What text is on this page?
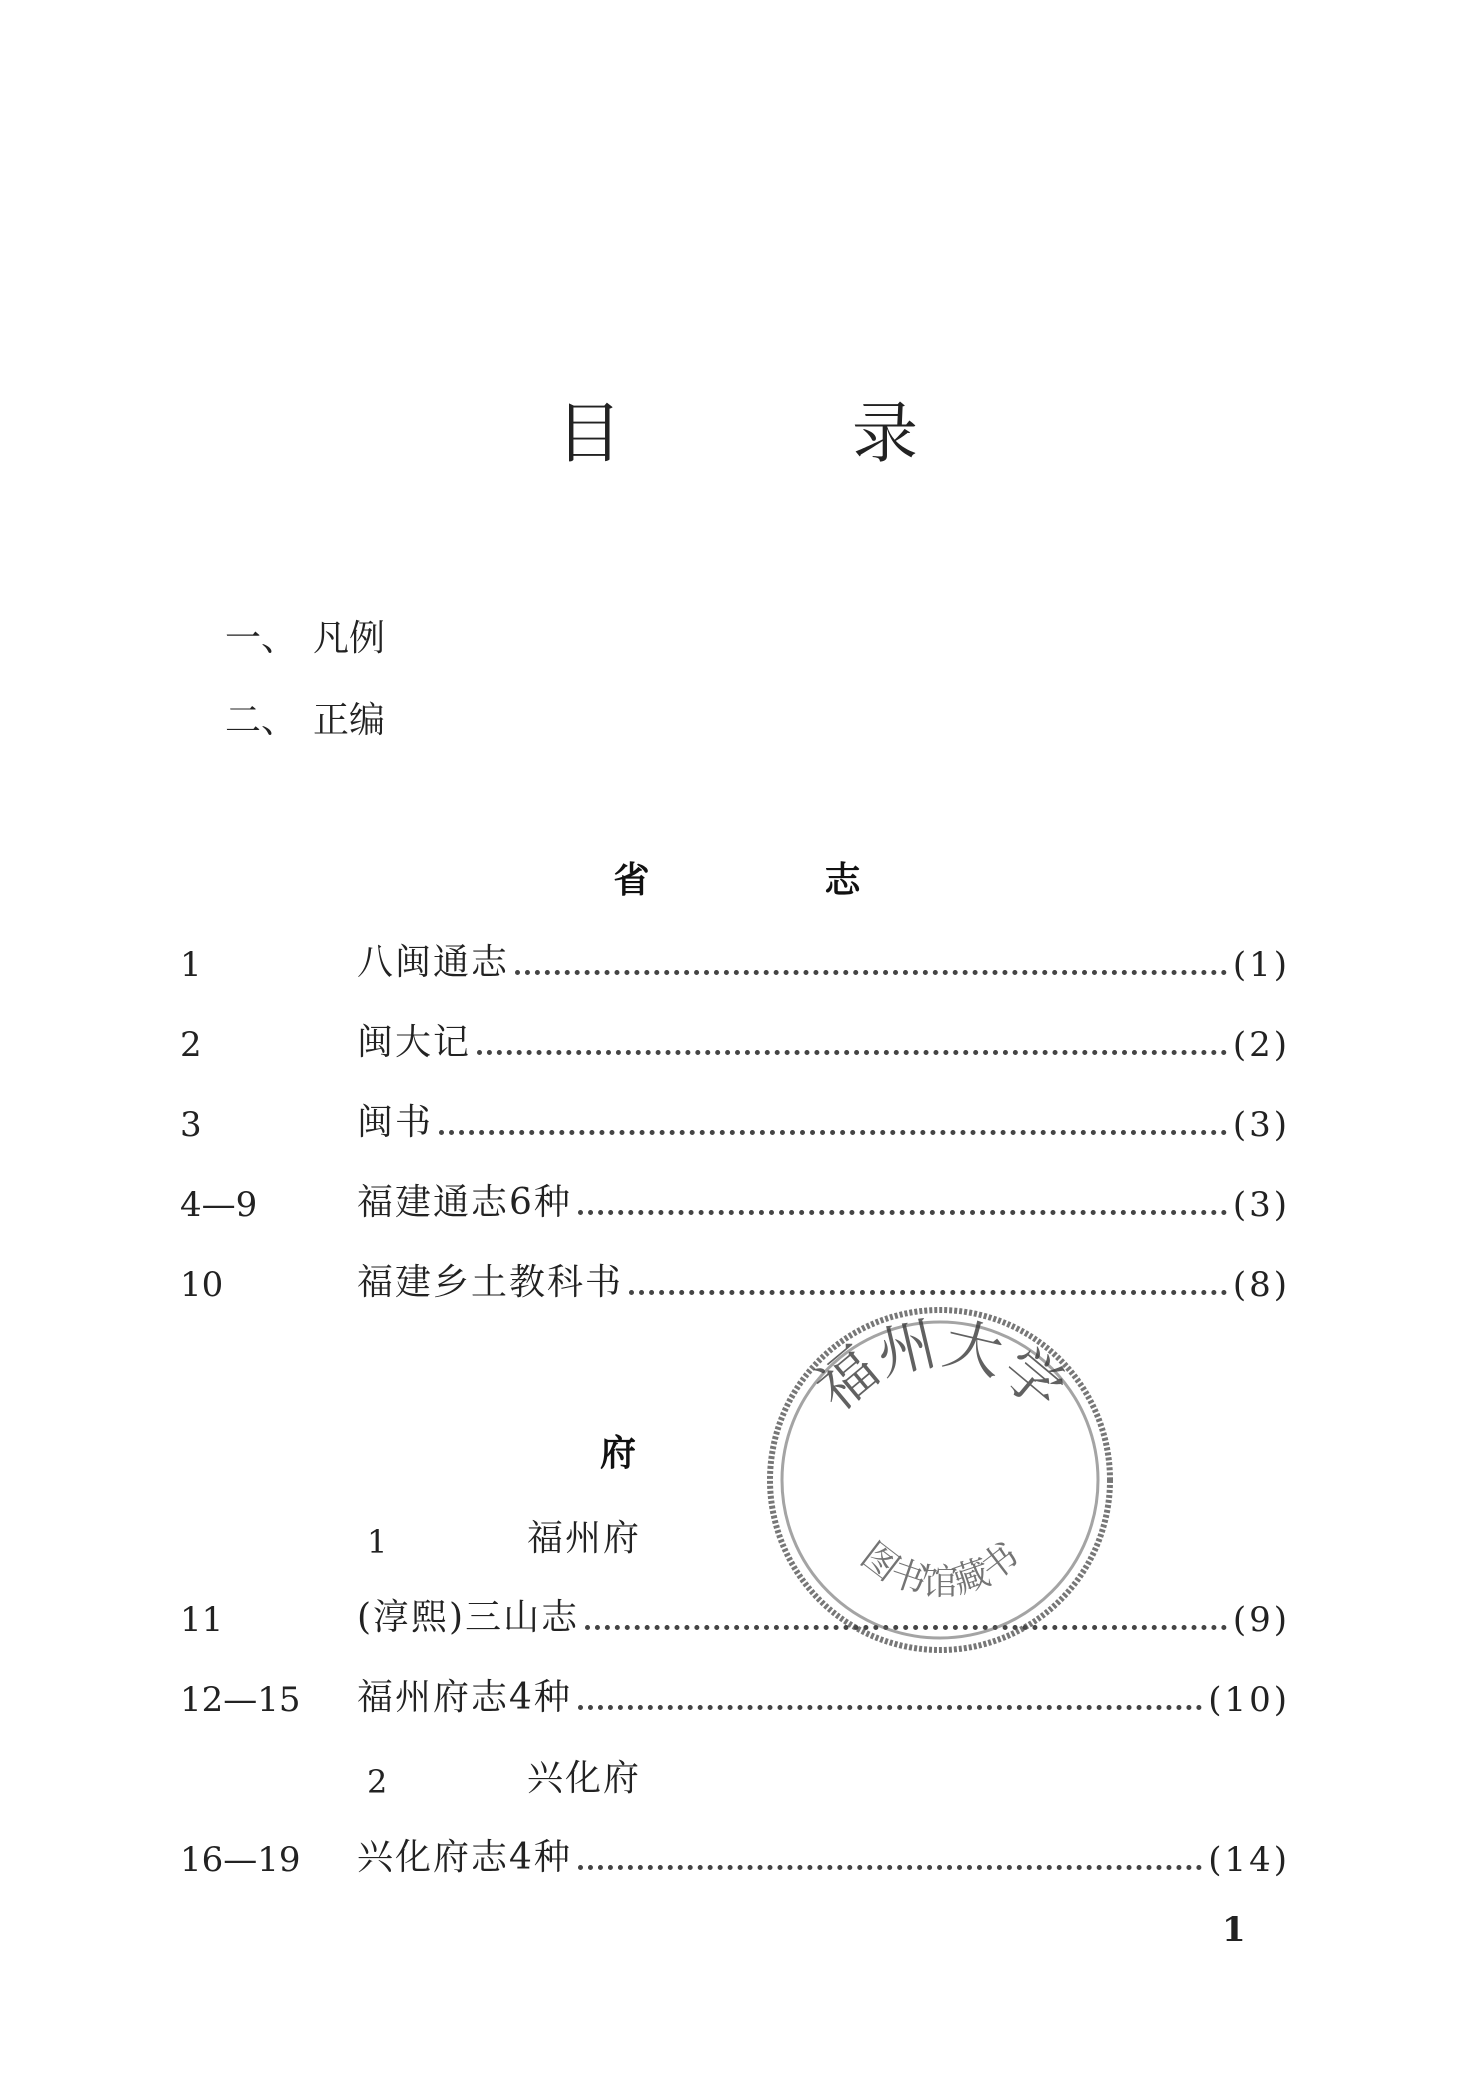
目	录
一、 凡例
二、 正编
省	志
1	八闽通志	(1)
2	闽大记	(2)
3	闽书	(3)
4—9	福建通志6种	(3)
10	福建乡土教科书	(8)
府
1	福州府
11	(淳熙)三山志	(9)
12—15	福州府志4种	(10)
2	兴化府
16—19	兴化府志4种	(14)
福州大学
图书馆藏书
1
